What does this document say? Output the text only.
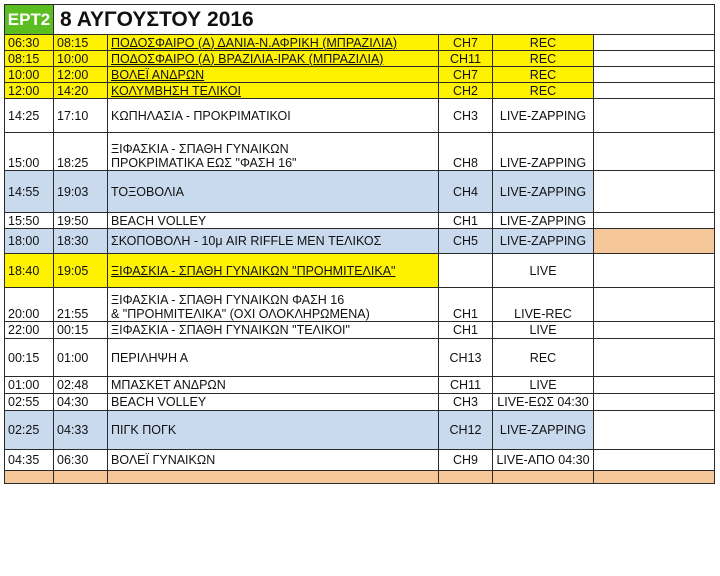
ΕΡΤ2	8 ΑΥΓΟΥΣΤΟΥ 2016				
06:30	08:15	ΠΟΔΟΣΦΑΙΡΟ (Α) ΔΑΝΙΑ-Ν.ΑΦΡΙΚΗ (ΜΠΡΑΖΙΛΙΑ)	CH7	REC	
08:15	10:00	ΠΟΔΟΣΦΑΙΡΟ (Α) ΒΡΑΖΙΛΙΑ-ΙΡΑΚ (ΜΠΡΑΖΙΛΙΑ)	CH11	REC	
10:00	12:00	ΒΟΛΕΪ ΑΝΔΡΩΝ	CH7	REC	
12:00	14:20	ΚΟΛΥΜΒΗΣΗ ΤΕΛΙΚΟΙ	CH2	REC	
14:25	17:10	ΚΩΠΗΛΑΣΙΑ - ΠΡΟΚΡΙΜΑΤΙΚΟΙ	CH3	LIVE-ZAPPING	
15:00	18:25	ΞΙΦΑΣΚΙΑ - ΣΠΑΘΗ ΓΥΝΑΙΚΩΝ
ΠΡΟΚΡΙΜΑΤΙΚΑ ΕΩΣ "ΦΑΣΗ 16"	CH8	LIVE-ZAPPING	
14:55	19:03	ΤΟΞΟΒΟΛΙΑ	CH4	LIVE-ZAPPING	
15:50	19:50	BEACH VOLLEY	CH1	LIVE-ZAPPING	
18:00	18:30	ΣΚΟΠΟΒΟΛΗ - 10μ AIR RIFFLE MEN ΤΕΛΙΚΟΣ	CH5	LIVE-ZAPPING	
18:40	19:05	ΞΙΦΑΣΚΙΑ - ΣΠΑΘΗ ΓΥΝΑΙΚΩΝ "ΠΡΟΗΜΙΤΕΛΙΚΑ"		LIVE	
20:00	21:55	ΞΙΦΑΣΚΙΑ - ΣΠΑΘΗ ΓΥΝΑΙΚΩΝ ΦΑΣΗ 16
& "ΠΡΟΗΜΙΤΕΛΙΚΑ" (ΟΧΙ ΟΛΟΚΛΗΡΩΜΕΝΑ)	CH1	LIVE-REC	
22:00	00:15	ΞΙΦΑΣΚΙΑ - ΣΠΑΘΗ ΓΥΝΑΙΚΩΝ "ΤΕΛΙΚΟΙ"	CH1	LIVE	
00:15	01:00	ΠΕΡΙΛΗΨΗ Α	CH13	REC	
01:00	02:48	ΜΠΑΣΚΕΤ ΑΝΔΡΩΝ	CH11	LIVE	
02:55	04:30	BEACH VOLLEY	CH3	LIVE-ΕΩΣ 04:30	
02:25	04:33	ΠΙΓΚ ΠΟΓΚ	CH12	LIVE-ZAPPING	
04:35	06:30	ΒΟΛΕΪ ΓΥΝΑΙΚΩΝ	CH9	LIVE-ΑΠΟ 04:30	
